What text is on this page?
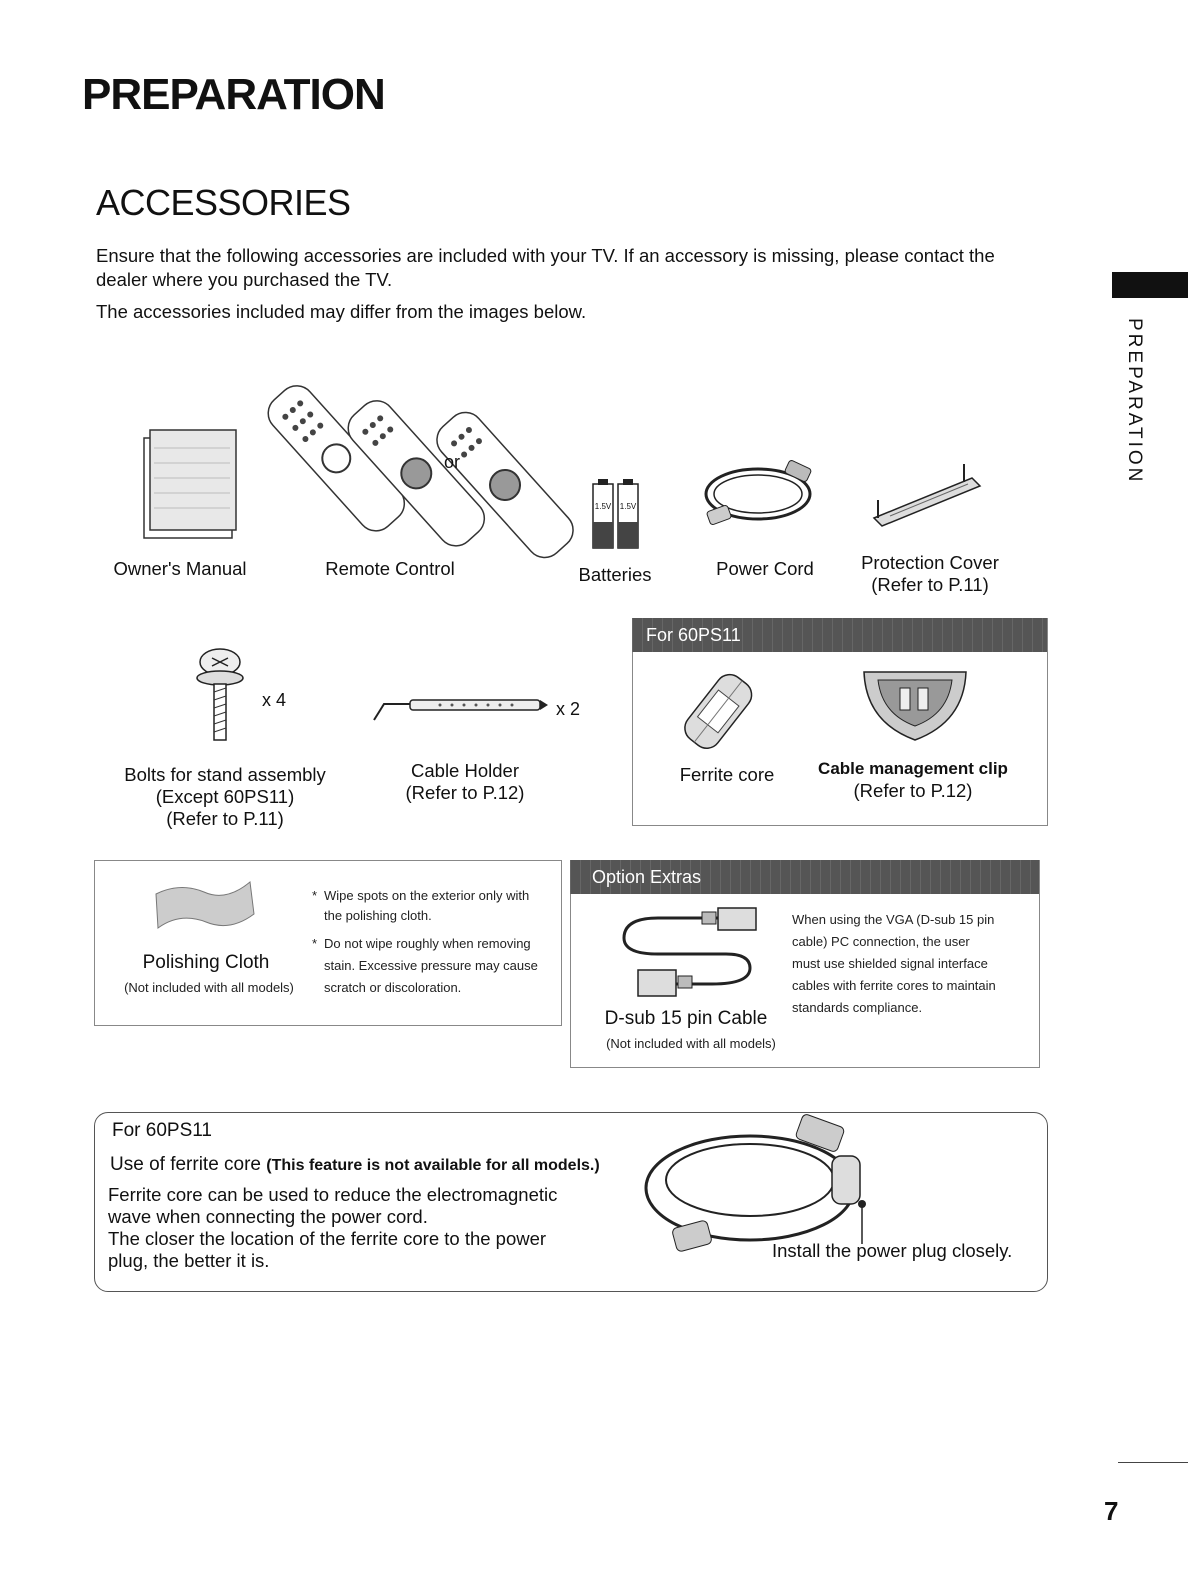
PREPARATION
ACCESSORIES

Ensure that the following accessories are included with your TV. If an accessory is missing, please contact the

dealer where you purchased the TV.

The accessories included may differ from the images below.

PREPARATION
Owner's Manual
or
Remote Control
1.5V	1.5V
Batteries	Power Cord	Protection Cover
(Refer to P.11)
x 4
Bolts for stand assembly
(Except 60PS11)
(Refer to P.11)
x 2
Cable Holder
(Refer to P.12)
For 60PS11
Ferrite core	Cable management clip
(Refer to P.12)
Polishing Cloth
(Not included with all models)
* Wipe spots on the exterior only with
the polishing cloth.
* Do not wipe roughly when removing
stain. Excessive pressure may cause
scratch or discoloration.
Option Extras
D-sub 15 pin Cable
(Not included with all models)
When using the VGA (D-sub 15 pin
cable) PC connection, the user
must use shielded signal interface
cables with ferrite cores to maintain
standards compliance.
For 60PS11
Use of ferrite core (This feature is not available for all models.)
Ferrite core can be used to reduce the electromagnetic
wave when connecting the power cord.
The closer the location of the ferrite core to the power
plug, the better it is.	Install the power plug closely.
7
